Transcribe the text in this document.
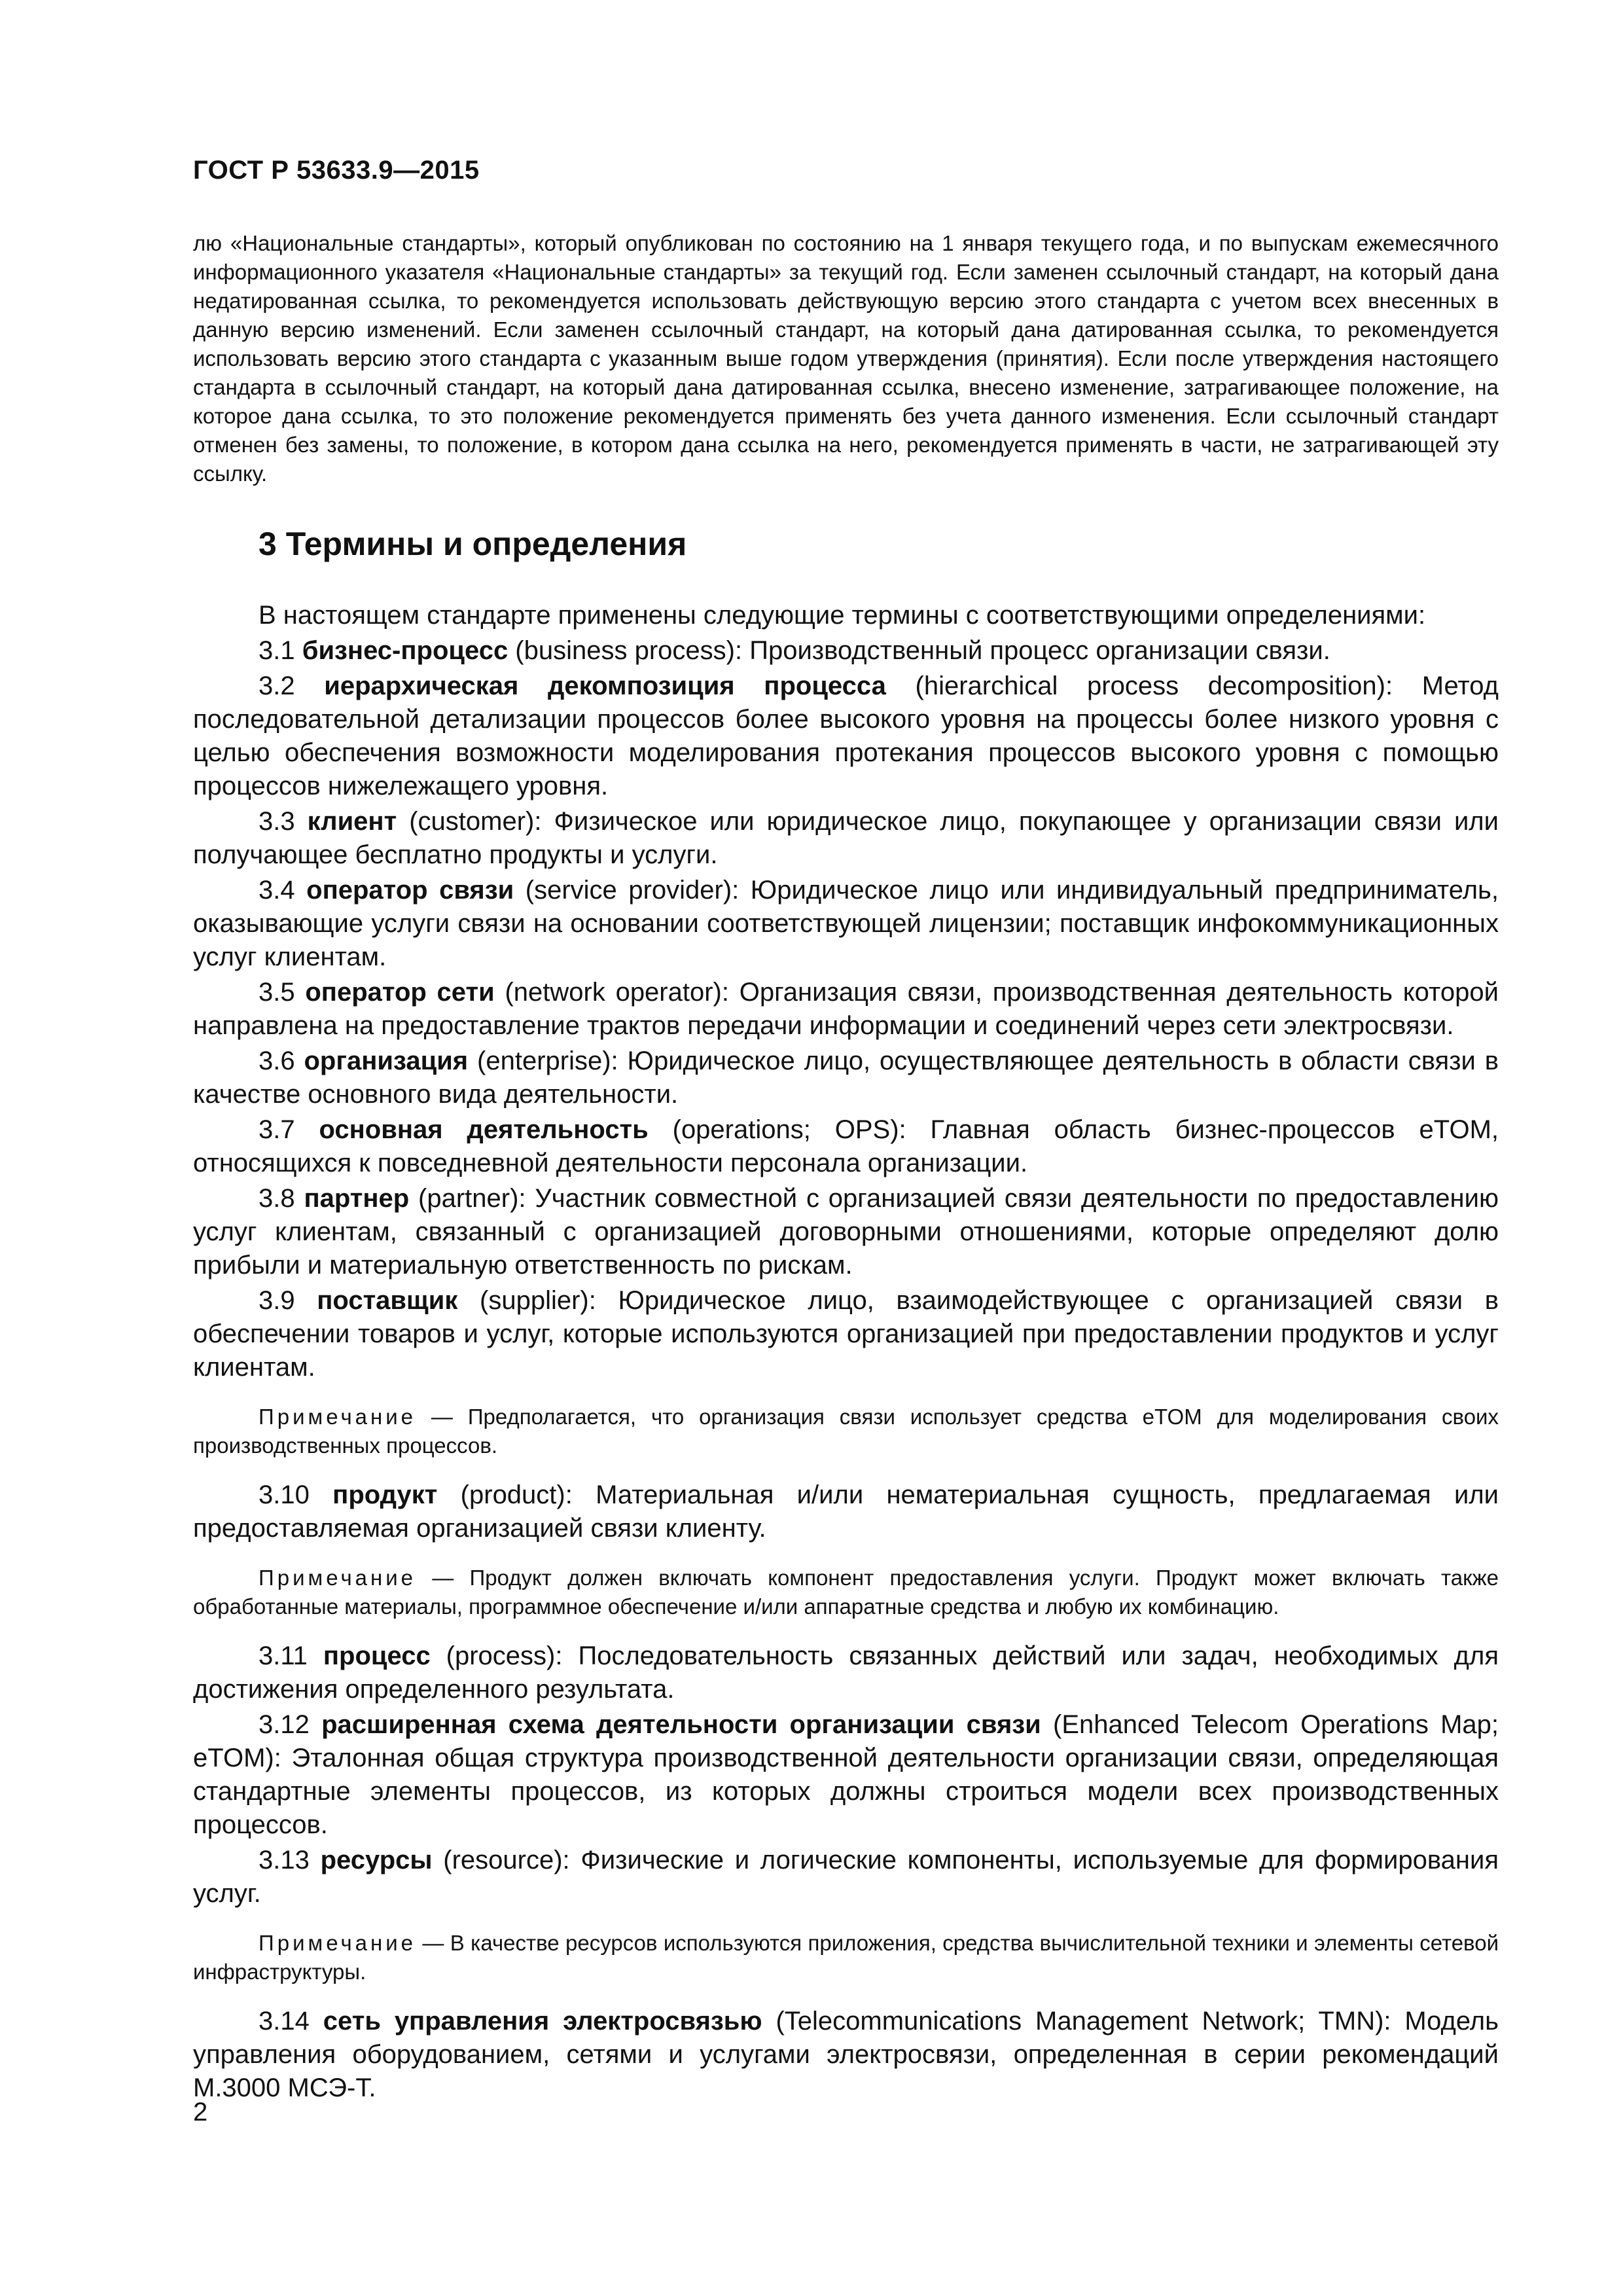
ГОСТ Р 53633.9—2015
лю «Национальные стандарты», который опубликован по состоянию на 1 января текущего года, и по выпускам ежемесячного информационного указателя «Национальные стандарты» за текущий год. Если заменен ссылочный стандарт, на который дана недатированная ссылка, то рекомендуется использовать действующую версию этого стандарта с учетом всех внесенных в данную версию изменений. Если заменен ссылочный стандарт, на который дана датированная ссылка, то рекомендуется использовать версию этого стандарта с указанным выше годом утверждения (принятия). Если после утверждения настоящего стандарта в ссылочный стандарт, на который дана датированная ссылка, внесено изменение, затрагивающее положение, на которое дана ссылка, то это положение рекомендуется применять без учета данного изменения. Если ссылочный стандарт отменен без замены, то положение, в котором дана ссылка на него, рекомендуется применять в части, не затрагивающей эту ссылку.
3 Термины и определения

В настоящем стандарте применены следующие термины с соответствующими определениями:

3.1 бизнес-процесс (business process): Производственный процесс организации связи.

3.2 иерархическая декомпозиция процесса (hierarchical process decomposition): Метод последовательной детализации процессов более высокого уровня на процессы более низкого уровня с целью обеспечения возможности моделирования протекания процессов высокого уровня с помощью процессов нижележащего уровня.

3.3 клиент (customer): Физическое или юридическое лицо, покупающее у организации связи или получающее бесплатно продукты и услуги.

3.4 оператор связи (service provider): Юридическое лицо или индивидуальный предприниматель, оказывающие услуги связи на основании соответствующей лицензии; поставщик инфокоммуникационных услуг клиентам.

3.5 оператор сети (network operator): Организация связи, производственная деятельность которой направлена на предоставление трактов передачи информации и соединений через сети электросвязи.

3.6 организация (enterprise): Юридическое лицо, осуществляющее деятельность в области связи в качестве основного вида деятельности.

3.7 основная деятельность (operations; OPS): Главная область бизнес-процессов eTOM, относящихся к повседневной деятельности персонала организации.

3.8 партнер (partner): Участник совместной с организацией связи деятельности по предоставлению услуг клиентам, связанный с организацией договорными отношениями, которые определяют долю прибыли и материальную ответственность по рискам.

3.9 поставщик (supplier): Юридическое лицо, взаимодействующее с организацией связи в обеспечении товаров и услуг, которые используются организацией при предоставлении продуктов и услуг клиентам.

Примечание — Предполагается, что организация связи использует средства eTOM для моделирования своих производственных процессов.

3.10 продукт (product): Материальная и/или нематериальная сущность, предлагаемая или предоставляемая организацией связи клиенту.

Примечание — Продукт должен включать компонент предоставления услуги. Продукт может включать также обработанные материалы, программное обеспечение и/или аппаратные средства и любую их комбинацию.

3.11 процесс (process): Последовательность связанных действий или задач, необходимых для достижения определенного результата.

3.12 расширенная схема деятельности организации связи (Enhanced Telecom Operations Map; eTOM): Эталонная общая структура производственной деятельности организации связи, определяющая стандартные элементы процессов, из которых должны строиться модели всех производственных процессов.

3.13 ресурсы (resource): Физические и логические компоненты, используемые для формирования услуг.

Примечание — В качестве ресурсов используются приложения, средства вычислительной техники и элементы сетевой инфраструктуры.

3.14 сеть управления электросвязью (Telecommunications Management Network; TMN): Модель управления оборудованием, сетями и услугами электросвязи, определенная в серии рекомендаций М.3000 МСЭ-Т.

2
